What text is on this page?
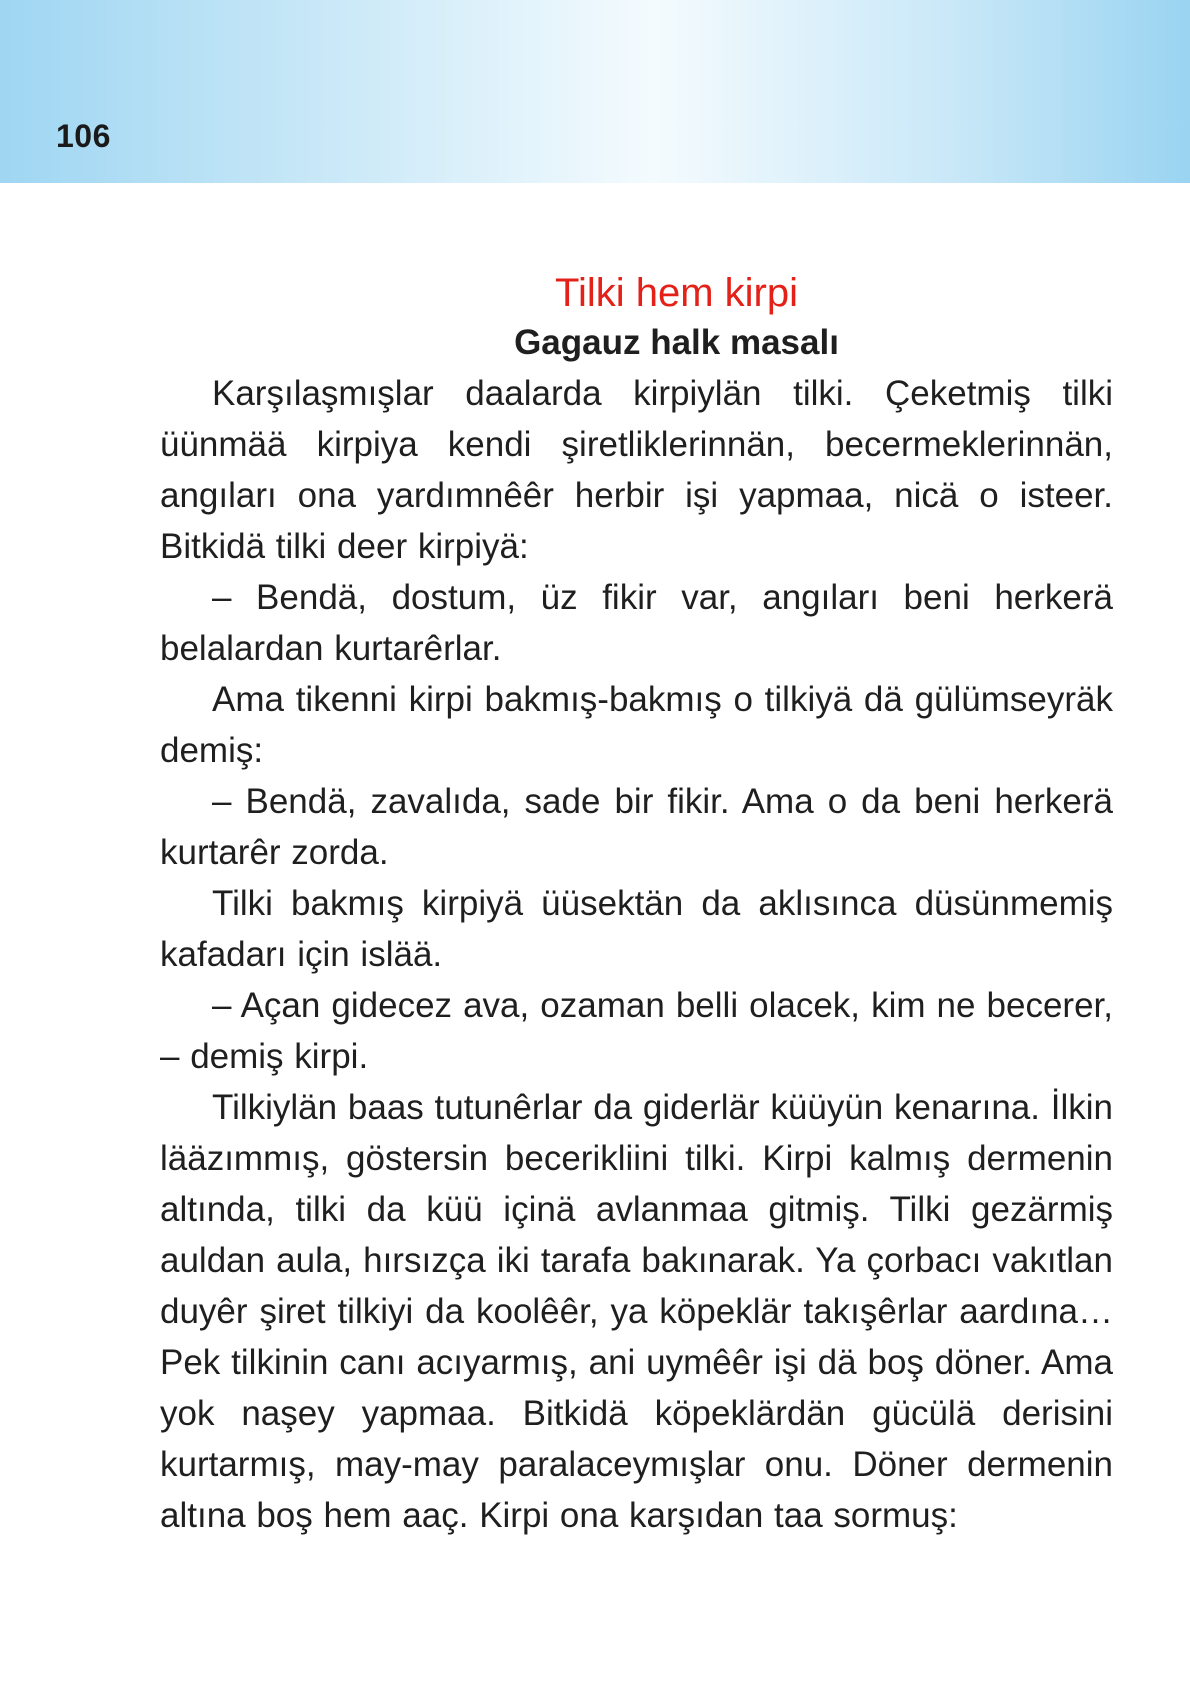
106
Tilki hem kirpi
Gagauz halk masalı

Karşılaşmışlar daalarda kirpiylän tilki. Çeketmiş tilki üünmää kirpiya kendi şiretliklerinnän, becermeklerinnän, angıları ona yardımnêêr herbir işi yapmaa, nicä o isteer. Bitkidä tilki deer kirpiyä:

– Bendä, dostum, üz fikir var, angıları beni herkerä belalardan kurtarêrlar.

Ama tikenni kirpi bakmış-bakmış o tilkiyä dä gülümseyräk demiş:

– Bendä, zavalıda, sade bir fikir. Ama o da beni herkerä kurtarêr zorda.

Tilki bakmış kirpiyä üüsektän da aklısınca düsünmemiş kafadarı için islää.

– Açan gidecez ava, ozaman belli olacek, kim ne becerer, – demiş kirpi.

Tilkiylän baas tutunêrlar da giderlär küüyün kenarına. İlkin lääzımmış, göstersin becerikliini tilki. Kirpi kalmış dermenin altında, tilki da küü içinä avlanmaa gitmiş. Tilki gezärmiş auldan aula, hırsızça iki tarafa bakınarak. Ya çorbacı vakıtlan duyêr şiret tilkiyi da koolêêr, ya köpeklär takışêrlar aardına… Pek tilkinin canı acıyarmış, ani uymêêr işi dä boş döner. Ama yok naşey yapmaa. Bitkidä köpeklärdän gücülä derisini kurtarmış, may-may paralaceymışlar onu. Döner dermenin altına boş hem aaç. Kirpi ona karşıdan taa sormuş:
